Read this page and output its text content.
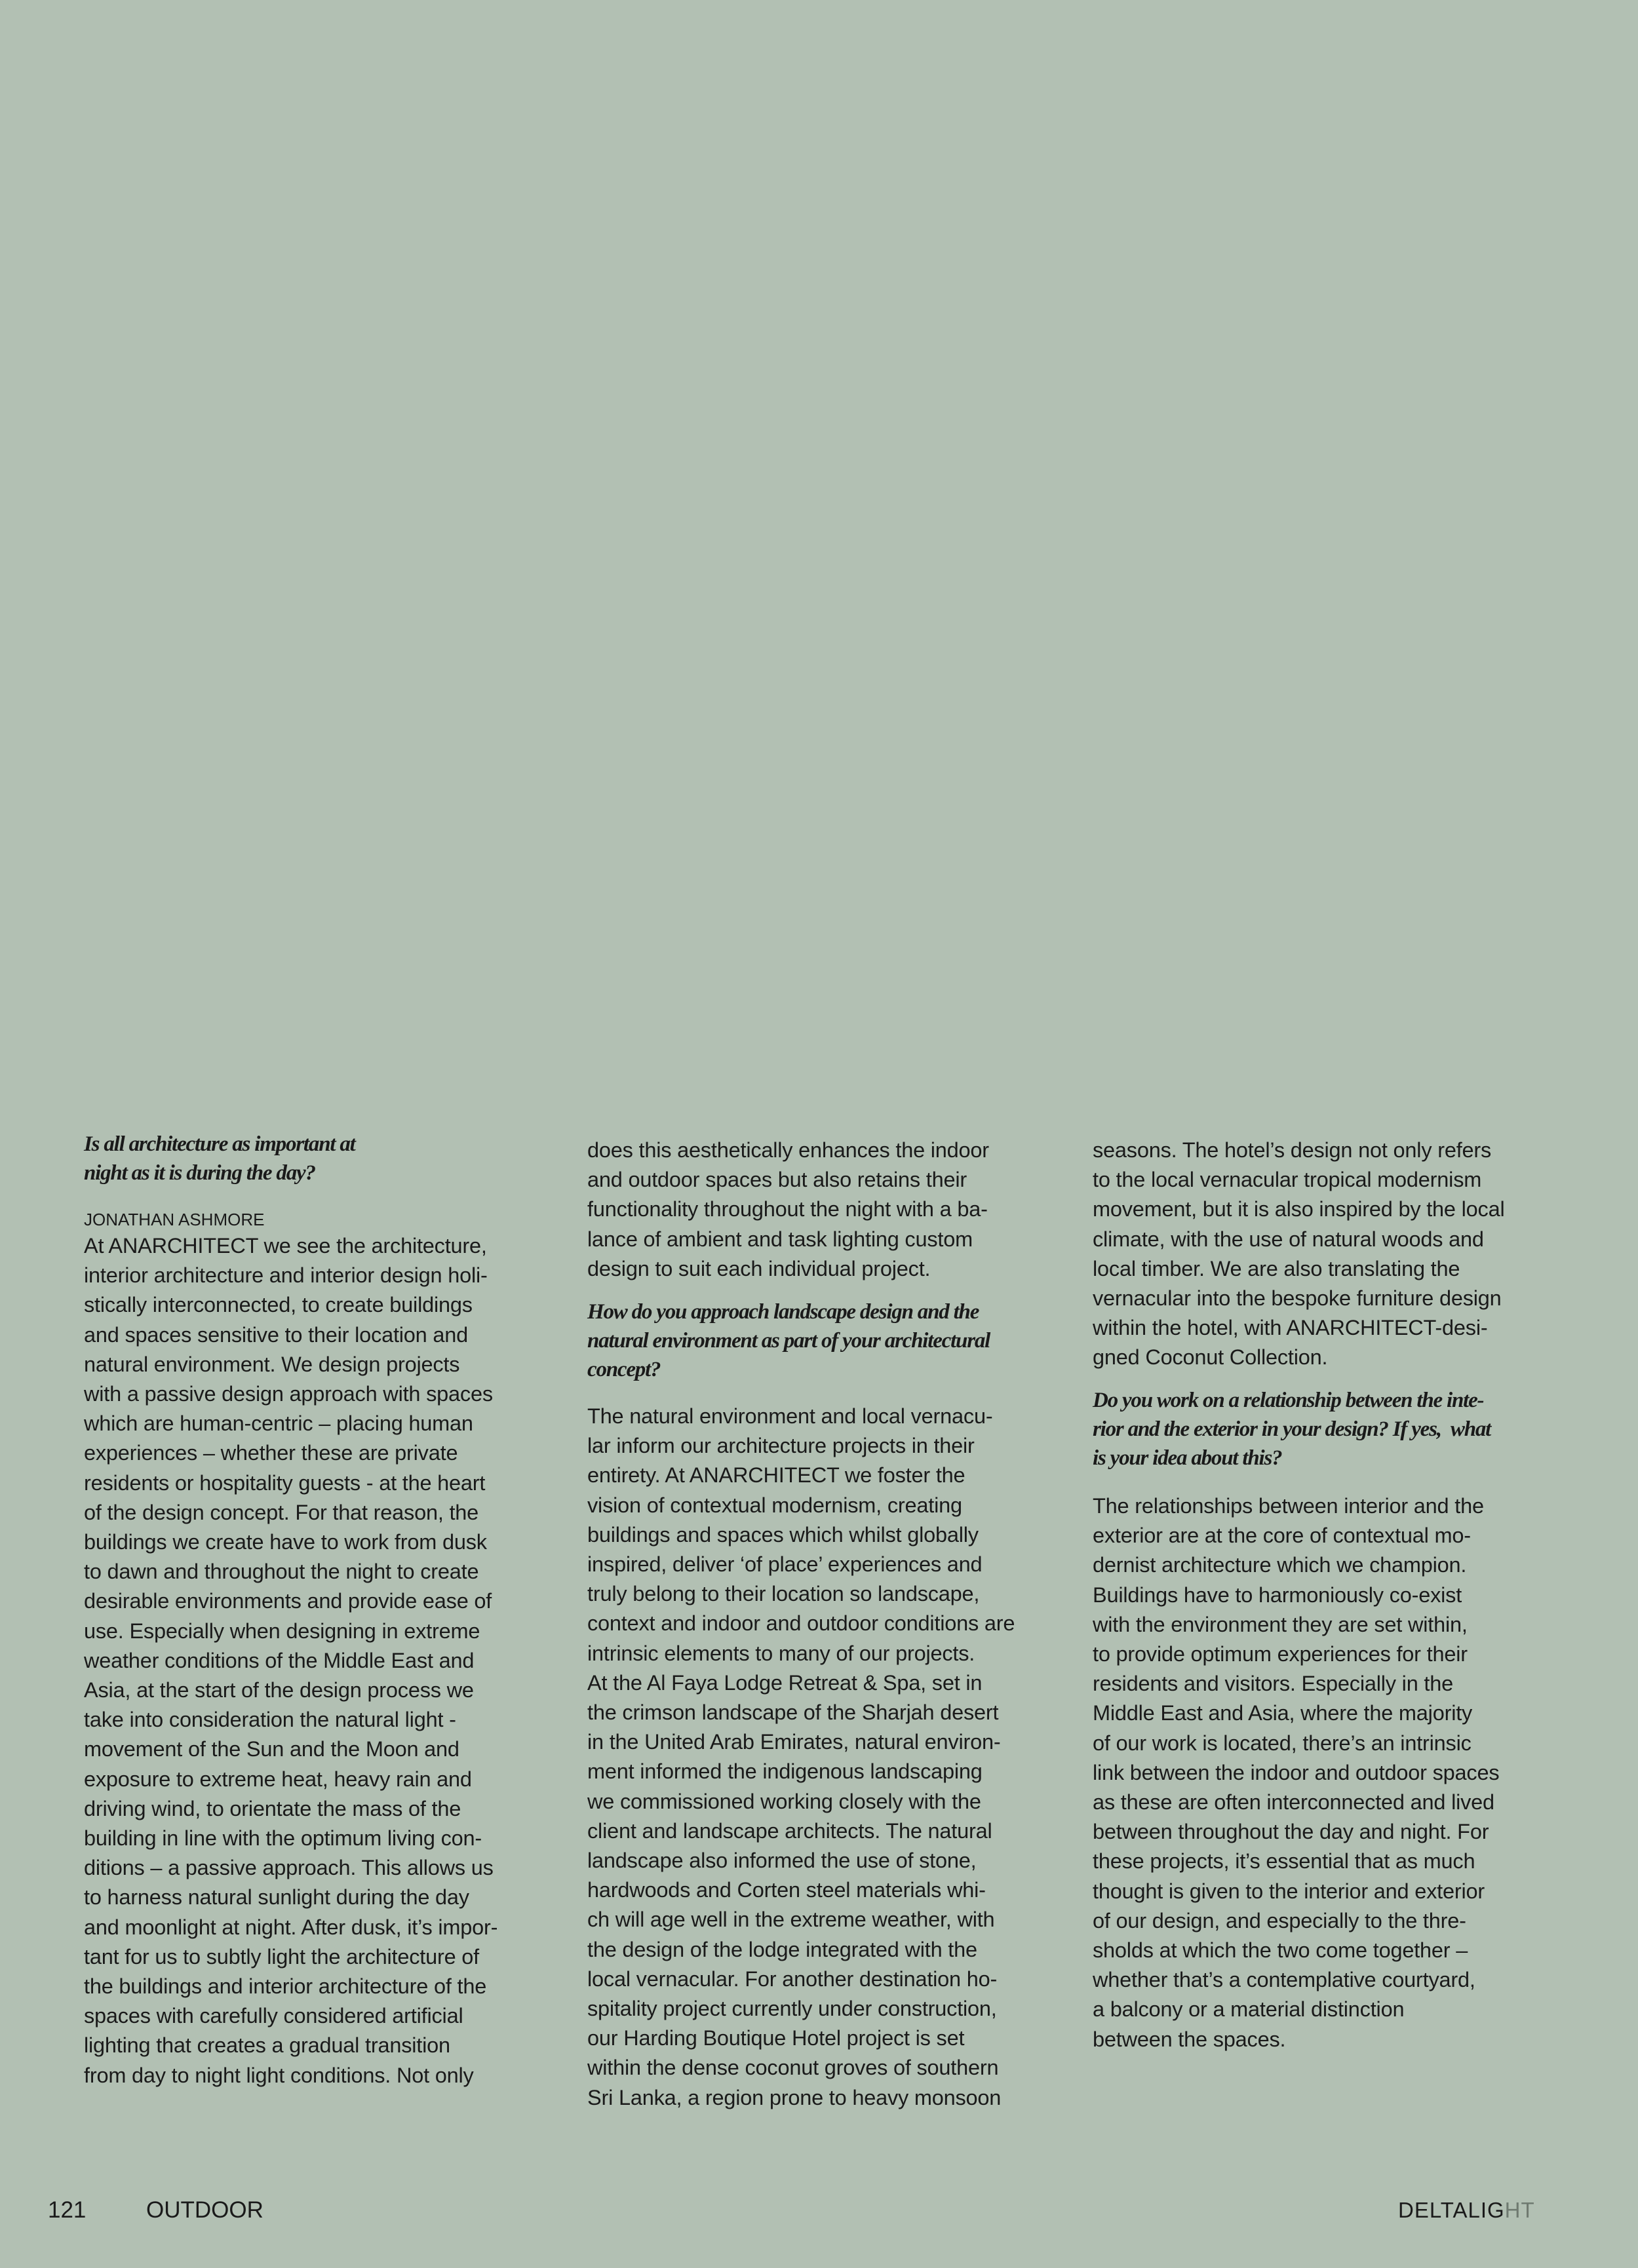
Is all architecture as important at
night as it is during the day?
JONATHAN ASHMORE
At ANARCHITECT we see the architecture,
interior architecture and interior design holi-
stically interconnected, to create buildings
and spaces sensitive to their location and
natural environment. We design projects
with a passive design approach with spaces
which are human-centric – placing human
experiences – whether these are private
residents or hospitality guests - at the heart
of the design concept. For that reason, the
buildings we create have to work from dusk
to dawn and throughout the night to create
desirable environments and provide ease of
use. Especially when designing in extreme
weather conditions of the Middle East and
Asia, at the start of the design process we
take into consideration the natural light -
movement of the Sun and the Moon and
exposure to extreme heat, heavy rain and
driving wind, to orientate the mass of the
building in line with the optimum living con-
ditions – a passive approach. This allows us
to harness natural sunlight during the day
and moonlight at night. After dusk, it’s impor-
tant for us to subtly light the architecture of
the buildings and interior architecture of the
spaces with carefully considered artificial
lighting that creates a gradual transition
from day to night light conditions. Not only
does this aesthetically enhances the indoor
and outdoor spaces but also retains their
functionality throughout the night with a ba-
lance of ambient and task lighting custom
design to suit each individual project.
How do you approach landscape design and the
natural environment as part of your architectural
concept?
The natural environment and local vernacu-
lar inform our architecture projects in their
entirety. At ANARCHITECT we foster the
vision of contextual modernism, creating
buildings and spaces which whilst globally
inspired, deliver ‘of place’ experiences and
truly belong to their location so landscape,
context and indoor and outdoor conditions are
intrinsic elements to many of our projects.
At the Al Faya Lodge Retreat & Spa, set in
the crimson landscape of the Sharjah desert
in the United Arab Emirates, natural environ-
ment informed the indigenous landscaping
we commissioned working closely with the
client and landscape architects. The natural
landscape also informed the use of stone,
hardwoods and Corten steel materials whi-
ch will age well in the extreme weather, with
the design of the lodge integrated with the
local vernacular. For another destination ho-
spitality project currently under construction,
our Harding Boutique Hotel project is set
within the dense coconut groves of southern
Sri Lanka, a region prone to heavy monsoon
seasons. The hotel’s design not only refers
to the local vernacular tropical modernism
movement, but it is also inspired by the local
climate, with the use of natural woods and
local timber. We are also translating the
vernacular into the bespoke furniture design
within the hotel, with ANARCHITECT-desi-
gned Coconut Collection.
Do you work on a relationship between the inte-
rior and the exterior in your design? If yes,  what
is your idea about this?
The relationships between interior and the
exterior are at the core of contextual mo-
dernist architecture which we champion.
Buildings have to harmoniously co-exist
with the environment they are set within,
to provide optimum experiences for their
residents and visitors. Especially in the
Middle East and Asia, where the majority
of our work is located, there’s an intrinsic
link between the indoor and outdoor spaces
as these are often interconnected and lived
between throughout the day and night. For
these projects, it’s essential that as much
thought is given to the interior and exterior
of our design, and especially to the thre-
sholds at which the two come together –
whether that’s a contemplative courtyard,
a balcony or a material distinction
between the spaces.
121	OUTDOOR	DELTALIGHT
